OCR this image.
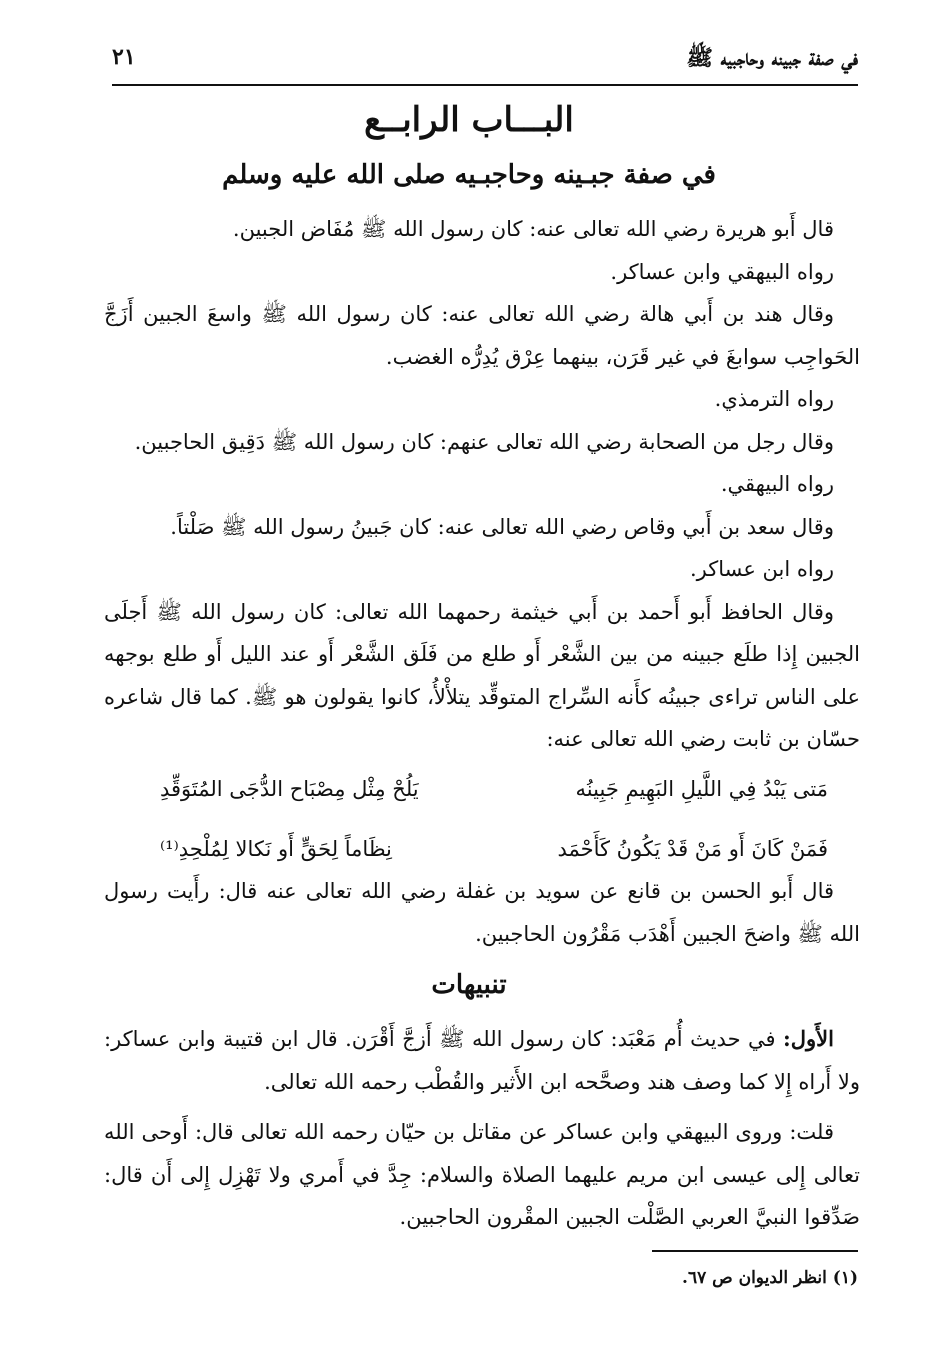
في صفة جبينه وحاجبيه ﷺ
٢١
البـــاب الرابــع
في صفة جبـينه وحاجبـيه صلى الله عليه وسلم

قال أَبو هريرة رضي الله تعالى عنه: كان رسول الله ﷺ مُفَاض الجبين.

رواه البيهقي وابن عساكر.

وقال هند بن أَبي هالة رضي الله تعالى عنه: كان رسول الله ﷺ واسعَ الجبين أَزَجَّ الحَواجِب سوابغَ في غير قَرَن، بينهما عِرْق يُدِرُّه الغضب.

رواه الترمذي.

وقال رجل من الصحابة رضي الله تعالى عنهم: كان رسول الله ﷺ دَقِيق الحاجبين.

رواه البيهقي.

وقال سعد بن أَبي وقاص رضي الله تعالى عنه: كان جَبينُ رسول الله ﷺ صَلْتاً.

رواه ابن عساكر.

وقال الحافظ أَبو أَحمد بن أَبي خيثمة رحمهما الله تعالى: كان رسول الله ﷺ أَجلَى الجبين إِذا طلَع جبينه من بين الشَّعْر أَو طلع من فَلَق الشَّعْر أَو عند الليل أَو طلع بوجهه على الناس تراءى جبينُه كأَنه السِّراج المتوقِّد يتلأْلأُ، كانوا يقولون هو ﷺ. كما قال شاعره حسّان بن ثابت رضي الله تعالى عنه:

مَتى يَبْدُ فِي اللَّيلِ البَهِيمِ جَبِينُه
يَلُحْ مِثْل مِصْبَاح الدُّجَى المُتَوَقِّدِ
فَمَنْ كَانَ أَو مَنْ قَدْ يَكُونُ كَأَحْمَد
نِظَاماً لِحَقٍّ أَو نَكالا لِمُلْحِدِ⁽¹⁾

قال أَبو الحسن بن قانع عن سويد بن غفلة رضي الله تعالى عنه قال: رأَيت رسول الله ﷺ واضحَ الجبين أَهْدَب مَقْرُون الحاجبين.

تنبيهات

الأَول: في حديث أُم مَعْبَد: كان رسول الله ﷺ أَزجَّ أَقْرَن. قال ابن قتيبة وابن عساكر: ولا أَراه إِلا كما وصف هند وصحَّحه ابن الأَثير والقُطْب رحمه الله تعالى.

قلت: وروى البيهقي وابن عساكر عن مقاتل بن حيّان رحمه الله تعالى قال: أَوحى الله تعالى إِلى عيسى ابن مريم عليهما الصلاة والسلام: جِدَّ في أَمري ولا تَهْزِل إِلى أَن قال: صَدِّقوا النبيَّ العربي الصَّلْت الجبين المقْرون الحاجبين.

(١) انظر الديوان ص ٦٧.
